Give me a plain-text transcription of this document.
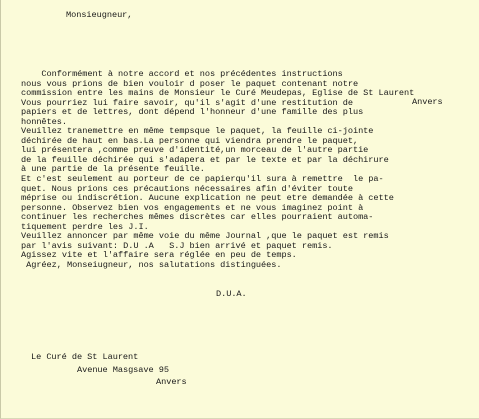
Monsieugneur,
Conformément à notre accord et nos précédentes instructions
nous vous prions de bien vouloir d poser le paquet contenant notre
commission entre les mains de Monsieur le Curé Meudepas, Eglise de St Laurent
Vous pourriez lui faire savoir, qu'il s'agit d'une restitution de
papiers et de lettres, dont dépend l'honneur d'une famille des plus
honnêtes.
Veuillez tranemettre en même tempsque le paquet, la feuille ci-jointe
déchirée de haut en bas.La personne qui viendra prendre le paquet,
lui présentera ,comme preuve d'identité,un morceau de l'autre partie
de la feuille déchirée qui s'adapera et par le texte et par la déchirure
à une partie de la présente feuille.
Et c'est seulement au porteur de ce papierqu'il sura à remettre  le pa-
quet. Nous prions ces précautions nécessaires afin d'éviter toute
méprise ou indiscrétion. Aucune explication ne peut etre demandée à cette
personne. Observez bien vos engagements et ne vous imaginez point à
continuer les recherches mêmes discrètes car elles pourraient automa-
tiquement perdre les J.I.
Veuillez annoncer par même voie du même Journal ,que le paquet est remis
par l'avis suivant: D.U .A   S.J bien arrivé et paquet remis.
Agissez vite et l'affaire sera réglée en peu de temps.
Agréez, Monseiugneur, nos salutations distinguées.
Anvers
D.U.A.
Le Curé de St Laurent
Avenue Masgsave 95
Anvers
